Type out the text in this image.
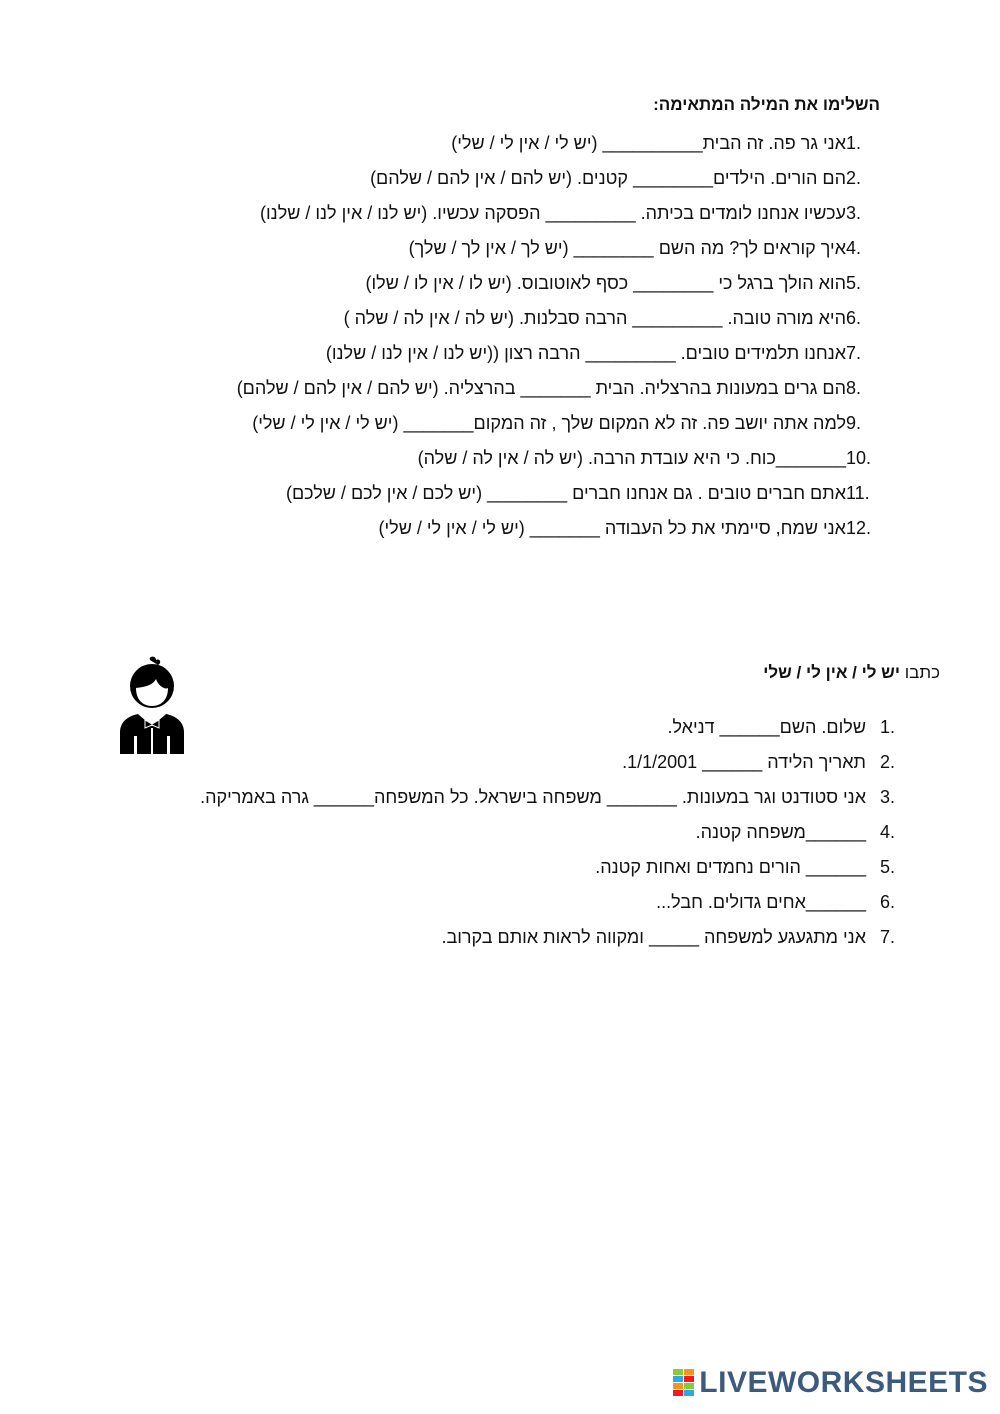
השלימו את המילה המתאימה:
1.
אני גר פה. זה הבית__________ (יש לי / אין לי / שלי)
2.
הם הורים. הילדים________ קטנים. (יש להם / אין להם / שלהם)
3.
עכשיו אנחנו לומדים בכיתה. _________ הפסקה עכשיו. (יש לנו / אין לנו / שלנו)
4.
איך קוראים לך? מה השם ________ (יש לך / אין לך / שלך)
5.
הוא הולך ברגל כי ________ כסף לאוטובוס. (יש לו / אין לו / שלו)
6.
היא מורה טובה. _________ הרבה סבלנות. (יש לה / אין לה / שלה )
7.
אנחנו תלמידים טובים. _________ הרבה רצון ((יש לנו / אין לנו / שלנו)
8.
הם גרים במעונות בהרצליה. הבית _______ בהרצליה. (יש להם / אין להם / שלהם)
9.
למה אתה יושב פה. זה לא המקום שלך , זה המקום_______ (יש לי / אין לי / שלי)
10.
_______כוח. כי היא עובדת הרבה. (יש לה / אין לה / שלה)
11.
אתם חברים טובים . גם אנחנו חברים ________ (יש לכם / אין לכם / שלכם)
12.
אני שמח, סיימתי את כל העבודה _______ (יש לי / אין לי / שלי)
כתבו יש לי / אין לי / שלי
1.
שלום. השם______ דניאל.
2.
תאריך הלידה ______ 1/1/2001.
3.
אני סטודנט וגר במעונות. _______ משפחה בישראל. כל המשפחה______ גרה באמריקה.
4.
______משפחה קטנה.
5.
______ הורים נחמדים ואחות קטנה.
6.
______אחים גדולים. חבל...
7.
אני מתגעגע למשפחה _____ ומקווה לראות אותם בקרוב.
LIVEWORKSHEETS
